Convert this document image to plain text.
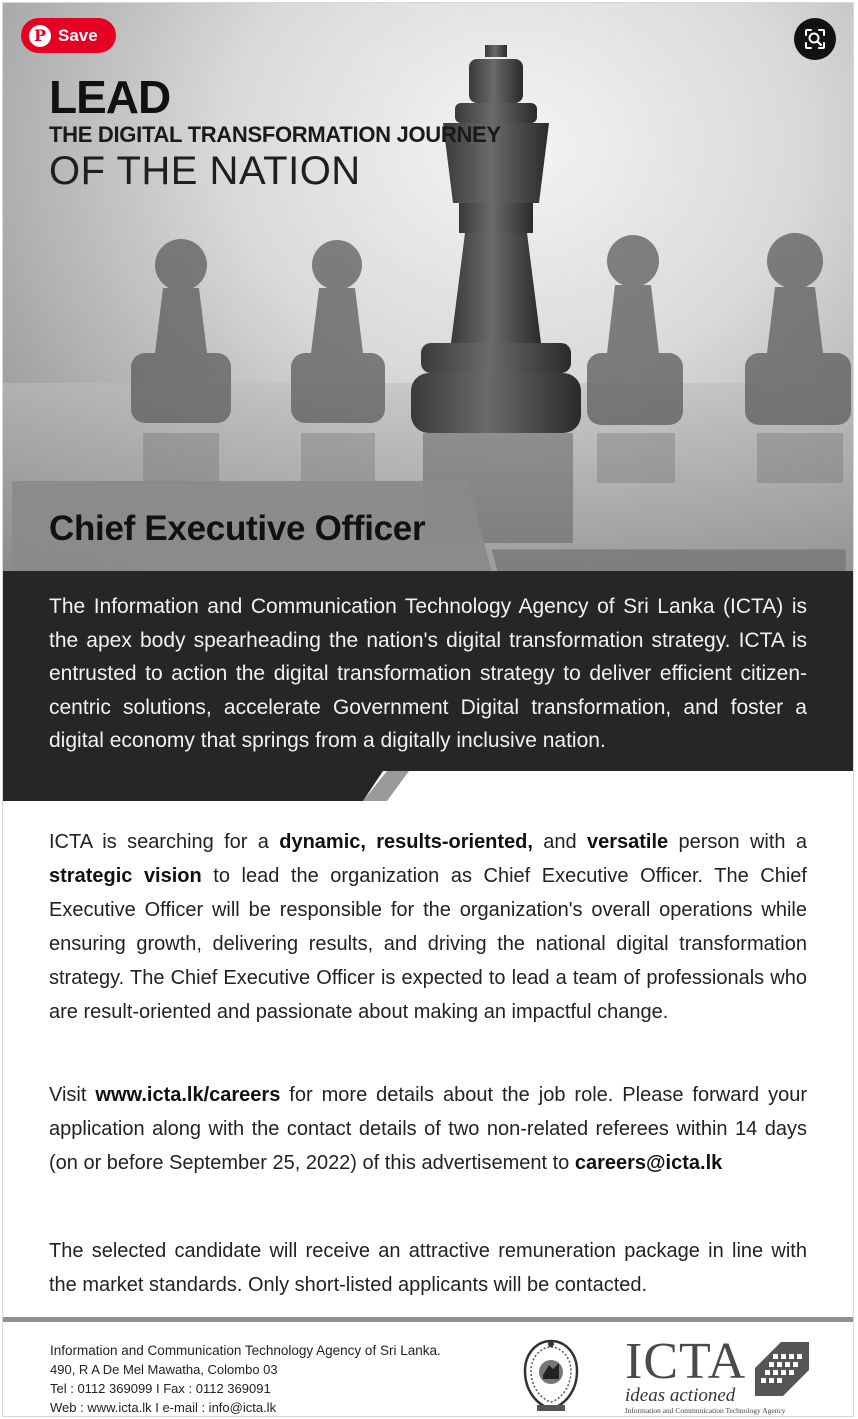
LEAD
THE DIGITAL TRANSFORMATION JOURNEY
OF THE NATION
Chief Executive Officer
P Save
The Information and Communication Technology Agency of Sri Lanka (ICTA) is the apex body spearheading the nation's digital transformation strategy. ICTA is entrusted to action the digital transformation strategy to deliver efficient citizen-centric solutions, accelerate Government Digital transformation, and foster a digital economy that springs from a digitally inclusive nation.
ICTA is searching for a dynamic, results-oriented, and versatile person with a strategic vision to lead the organization as Chief Executive Officer. The Chief Executive Officer will be responsible for the organization's overall operations while ensuring growth, delivering results, and driving the national digital transformation strategy. The Chief Executive Officer is expected to lead a team of professionals who are result-oriented and passionate about making an impactful change.
Visit www.icta.lk/careers for more details about the job role. Please forward your application along with the contact details of two non-related referees within 14 days (on or before September 25, 2022) of this advertisement to careers@icta.lk
The selected candidate will receive an attractive remuneration package in line with the market standards. Only short-listed applicants will be contacted.
Information and Communication Technology Agency of Sri Lanka.
490, R A De Mel Mawatha, Colombo 03
Tel : 0112 369099 I Fax : 0112 369091
Web : www.icta.lk I e-mail : info@icta.lk
ICTA
ideas actioned
Information and Communication Technology Agency
